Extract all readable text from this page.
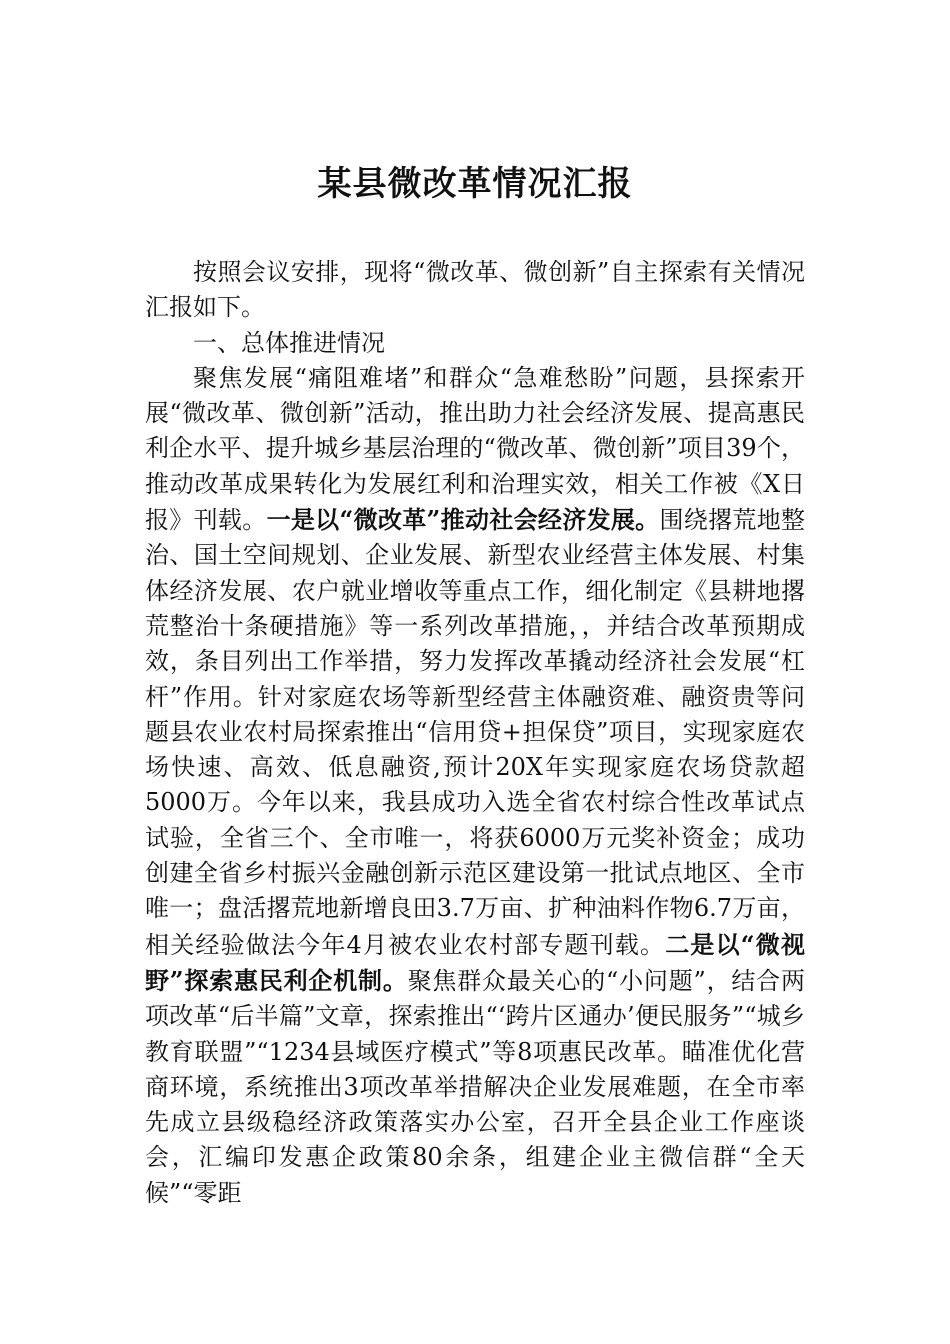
某县微改革情况汇报

按照会议安排，现将“微改革、微创新”自主探索有关情况汇报如下。

一、总体推进情况

聚焦发展“痛阻难堵”和群众“急难愁盼”问题，县探索开展“微改革、微创新”活动，推出助力社会经济发展、提高惠民利企水平、提升城乡基层治理的“微改革、微创新”项目39个，推动改革成果转化为发展红利和治理实效，相关工作被《X日报》刊载。一是以“微改革”推动社会经济发展。围绕撂荒地整治、国土空间规划、企业发展、新型农业经营主体发展、村集体经济发展、农户就业增收等重点工作，细化制定《县耕地撂荒整治十条硬措施》等一系列改革措施，，并结合改革预期成效，条目列出工作举措，努力发挥改革撬动经济社会发展“杠杆”作用。针对家庭农场等新型经营主体融资难、融资贵等问题县农业农村局探索推出“信用贷+担保贷”项目，实现家庭农场快速、高效、低息融资,预计20X年实现家庭农场贷款超5000万。今年以来，我县成功入选全省农村综合性改革试点试验，全省三个、全市唯一，将获6000万元奖补资金；成功创建全省乡村振兴金融创新示范区建设第一批试点地区、全市唯一；盘活撂荒地新增良田3.7万亩、扩种油料作物6.7万亩，相关经验做法今年4月被农业农村部专题刊载。二是以“微视野”探索惠民利企机制。聚焦群众最关心的“小问题”，结合两项改革“后半篇”文章，探索推出“‘跨片区通办’便民服务”“城乡教育联盟”“1234县域医疗模式”等8项惠民改革。瞄准优化营商环境，系统推出3项改革举措解决企业发展难题，在全市率先成立县级稳经济政策落实办公室，召开全县企业工作座谈会，汇编印发惠企政策80余条，组建企业主微信群“全天候”“零距
